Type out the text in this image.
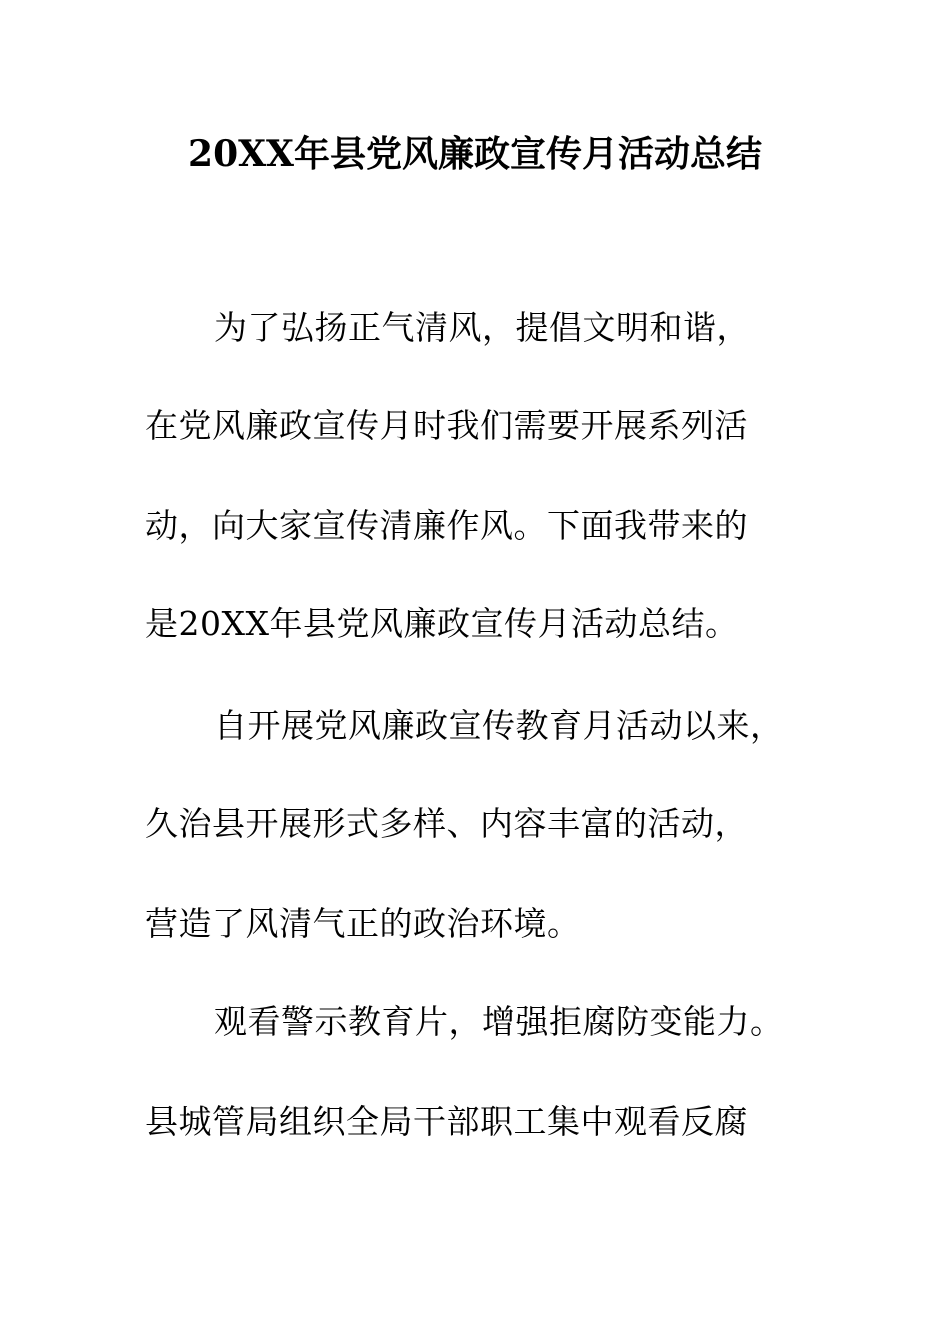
20XX年县党风廉政宣传月活动总结
为了弘扬正气清风，提倡文明和谐，
在党风廉政宣传月时我们需要开展系列活
动，向大家宣传清廉作风。下面我带来的
是20XX年县党风廉政宣传月活动总结。
自开展党风廉政宣传教育月活动以来，
久治县开展形式多样、内容丰富的活动，
营造了风清气正的政治环境。
观看警示教育片，增强拒腐防变能力。
县城管局组织全局干部职工集中观看反腐
